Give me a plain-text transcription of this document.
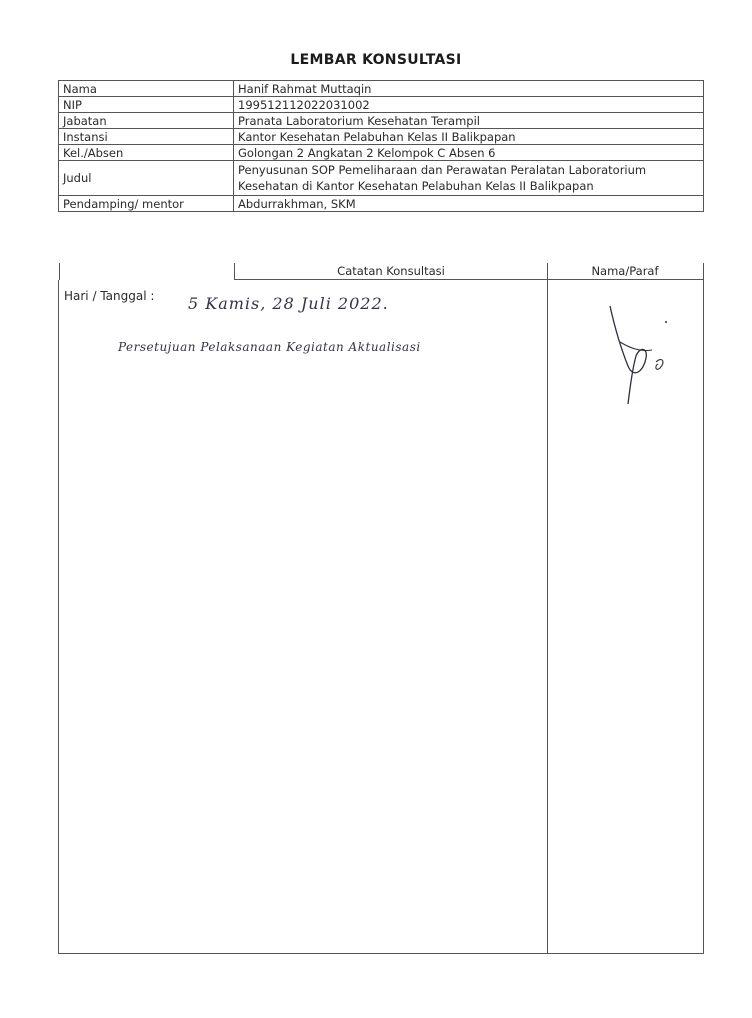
LEMBAR KONSULTASI
Nama	Hanif Rahmat Muttaqin
NIP	199512112022031002
Jabatan	Pranata Laboratorium Kesehatan Terampil
Instansi	Kantor Kesehatan Pelabuhan Kelas II Balikpapan
Kel./Absen	Golongan 2 Angkatan 2 Kelompok C Absen 6
Judul	Penyusunan SOP Pemeliharaan dan Perawatan Peralatan Laboratorium Kesehatan di Kantor Kesehatan Pelabuhan Kelas II Balikpapan
Pendamping/ mentor	Abdurrakhman, SKM
Catatan Konsultasi	Nama/Paraf
Hari / Tanggal : 5 Kamis, 28 Juli 2022.
Persetujuan Pelaksanaan Kegiatan Aktualisasi
